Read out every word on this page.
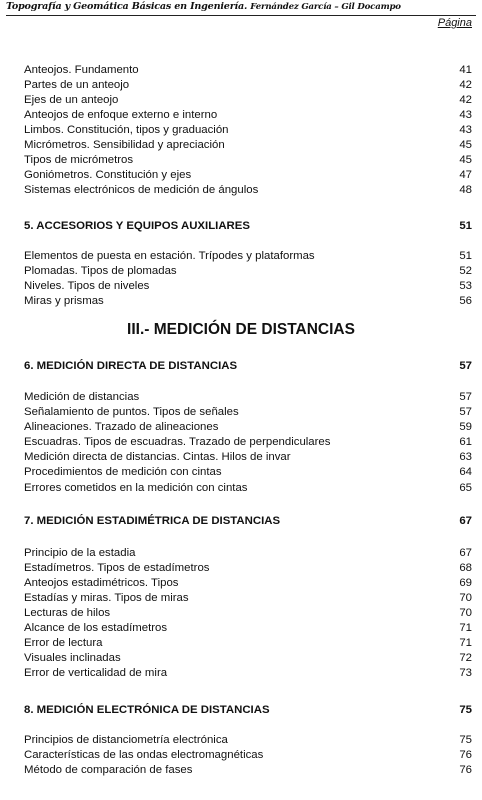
Topografía y Geomática Básicas en Ingeniería. Fernández García – Gil Docampo
Página
Anteojos. Fundamento	41
Partes de un anteojo	42
Ejes de un anteojo	42
Anteojos de enfoque externo e interno	43
Limbos. Constitución, tipos y graduación	43
Micrómetros. Sensibilidad y apreciación	45
Tipos de micrómetros	45
Goniómetros. Constitución y ejes	47
Sistemas electrónicos de medición de ángulos	48
5. ACCESORIOS Y EQUIPOS AUXILIARES	51
Elementos de puesta en estación. Trípodes y plataformas	51
Plomadas. Tipos de plomadas	52
Niveles. Tipos de niveles	53
Miras y prismas	56
III.- MEDICIÓN DE DISTANCIAS
6. MEDICIÓN DIRECTA DE DISTANCIAS	57
Medición de distancias	57
Señalamiento de puntos. Tipos de señales	57
Alineaciones. Trazado de alineaciones	59
Escuadras. Tipos de escuadras. Trazado de perpendiculares	61
Medición directa de distancias. Cintas. Hilos de invar	63
Procedimientos de medición con cintas	64
Errores cometidos en la medición con cintas	65
7. MEDICIÓN ESTADIMÉTRICA DE DISTANCIAS	67
Principio de la estadia	67
Estadímetros. Tipos de estadímetros	68
Anteojos estadimétricos. Tipos	69
Estadías y miras. Tipos de miras	70
Lecturas de hilos	70
Alcance de los estadímetros	71
Error de lectura	71
Visuales inclinadas	72
Error de verticalidad de mira	73
8. MEDICIÓN ELECTRÓNICA DE DISTANCIAS	75
Principios de distanciometría electrónica	75
Características de las ondas electromagnéticas	76
Método de comparación de fases	76
